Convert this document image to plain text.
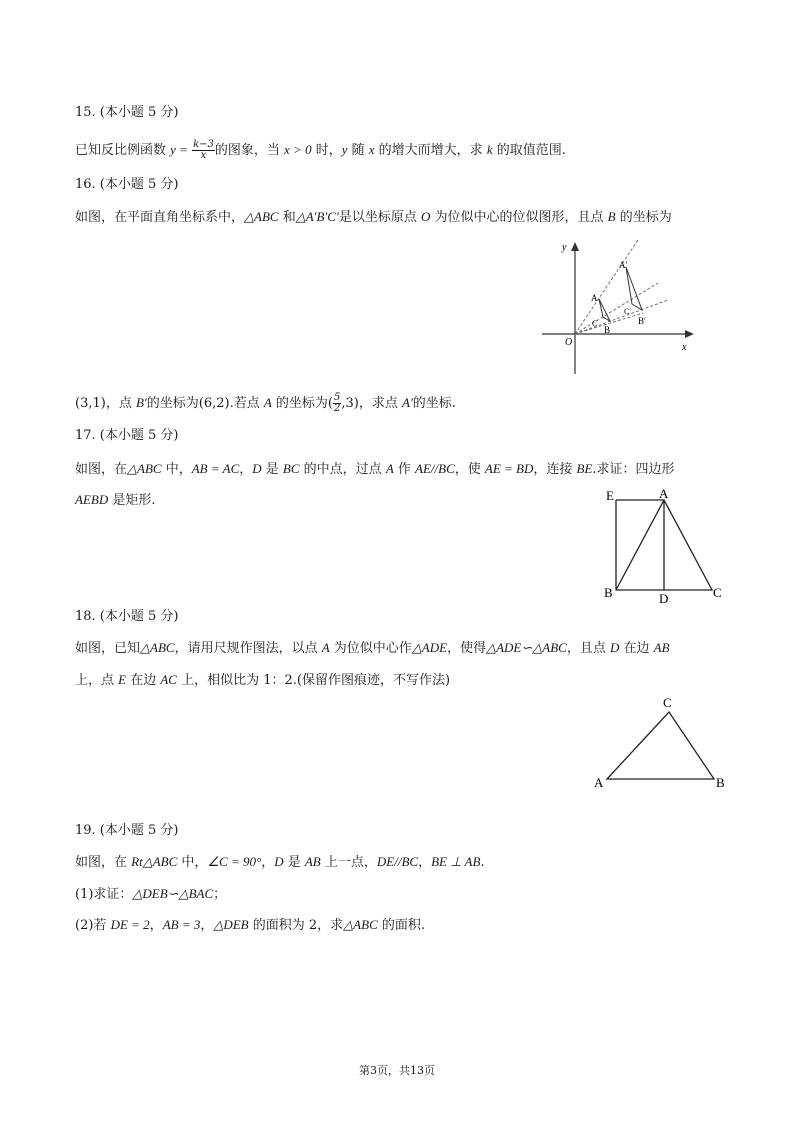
15. (本小题 5 分)
已知反比例函数 $y = \frac{k-3}{x}$ 的图象，当 x > 0 时，y 随 x 的增大而增大，求 k 的取值范围.
16. (本小题 5 分)
如图，在平面直角坐标系中，△ABC 和△A′B′C′是以坐标原点 O 为位似中心的位似图形，且点 B 的坐标为
y
x
O
A
B
C
A′
B′
C′
(3,1)，点 B′的坐标为(6,2).若点 A 的坐标为( $\frac{5}{2} ,3$)，求点 A′的坐标.
17. (本小题 5 分)
如图，在△ABC 中，AB = AC，D 是 BC 的中点，过点 A 作 AE//BC，使 AE = BD，连接 BE.求证：四边形
AEBD 是矩形.	E	A
B	D	C
18. (本小题 5 分)
如图，已知△ABC，请用尺规作图法，以点 A 为位似中心作△ADE，使得△ADE∽△ABC，且点 D 在边 AB
上，点 E 在边 AC 上，相似比为 1：2.(保留作图痕迹，不写作法)
C
A	B
19. (本小题 5 分)
如图，在 Rt△ABC 中，∠C = 90°，D 是 AB 上一点，DE//BC，BE ⊥ AB.
(1)求证：△DEB∽△BAC；
(2)若 DE = 2，AB = 3，△DEB 的面积为 2，求△ABC 的面积.
第3页，共13页
